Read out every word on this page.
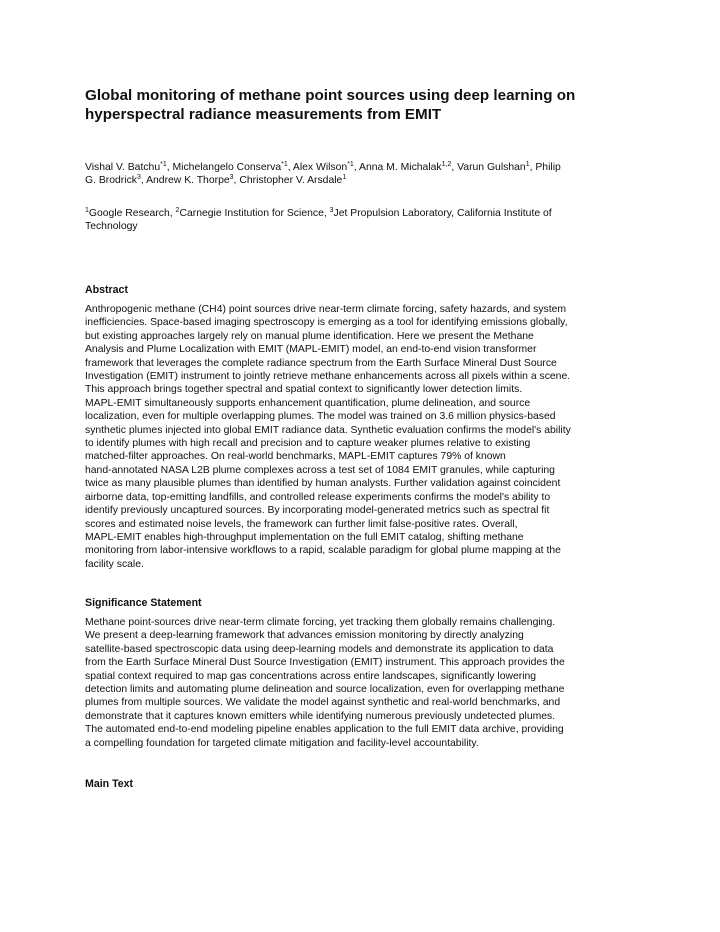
Global monitoring of methane point sources using deep learning on
hyperspectral radiance measurements from EMIT
Vishal V. Batchu$^{*1}$, Michelangelo Conserva$^{*1}$, Alex Wilson$^{*1}$, Anna M. Michalak$^{1,2}$, Varun Gulshan$^1$, Philip
G. Brodrick$^3$, Andrew K. Thorpe$^3$, Christopher V. Arsdale$^1$
$^1$Google Research, $^2$Carnegie Institution for Science, $^3$Jet Propulsion Laboratory, California Institute of
Technology
Abstract
Anthropogenic methane (CH4) point sources drive near-term climate forcing, safety hazards, and system
inefficiencies. Space-based imaging spectroscopy is emerging as a tool for identifying emissions globally,
but existing approaches largely rely on manual plume identification. Here we present the Methane
Analysis and Plume Localization with EMIT (MAPL-EMIT) model, an end-to-end vision transformer
framework that leverages the complete radiance spectrum from the Earth Surface Mineral Dust Source
Investigation (EMIT) instrument to jointly retrieve methane enhancements across all pixels within a scene.
This approach brings together spectral and spatial context to significantly lower detection limits.
MAPL-EMIT simultaneously supports enhancement quantification, plume delineation, and source
localization, even for multiple overlapping plumes. The model was trained on 3.6 million physics-based
synthetic plumes injected into global EMIT radiance data. Synthetic evaluation confirms the model's ability
to identify plumes with high recall and precision and to capture weaker plumes relative to existing
matched-filter approaches. On real-world benchmarks, MAPL-EMIT captures 79% of known
hand-annotated NASA L2B plume complexes across a test set of 1084 EMIT granules, while capturing
twice as many plausible plumes than identified by human analysts. Further validation against coincident
airborne data, top-emitting landfills, and controlled release experiments confirms the model's ability to
identify previously uncaptured sources. By incorporating model-generated metrics such as spectral fit
scores and estimated noise levels, the framework can further limit false-positive rates. Overall,
MAPL-EMIT enables high-throughput implementation on the full EMIT catalog, shifting methane
monitoring from labor-intensive workflows to a rapid, scalable paradigm for global plume mapping at the
facility scale.
Significance Statement
Methane point-sources drive near-term climate forcing, yet tracking them globally remains challenging.
We present a deep-learning framework that advances emission monitoring by directly analyzing
satellite-based spectroscopic data using deep-learning models and demonstrate its application to data
from the Earth Surface Mineral Dust Source Investigation (EMIT) instrument. This approach provides the
spatial context required to map gas concentrations across entire landscapes, significantly lowering
detection limits and automating plume delineation and source localization, even for overlapping methane
plumes from multiple sources. We validate the model against synthetic and real-world benchmarks, and
demonstrate that it captures known emitters while identifying numerous previously undetected plumes.
The automated end-to-end modeling pipeline enables application to the full EMIT data archive, providing
a compelling foundation for targeted climate mitigation and facility-level accountability.
Main Text
